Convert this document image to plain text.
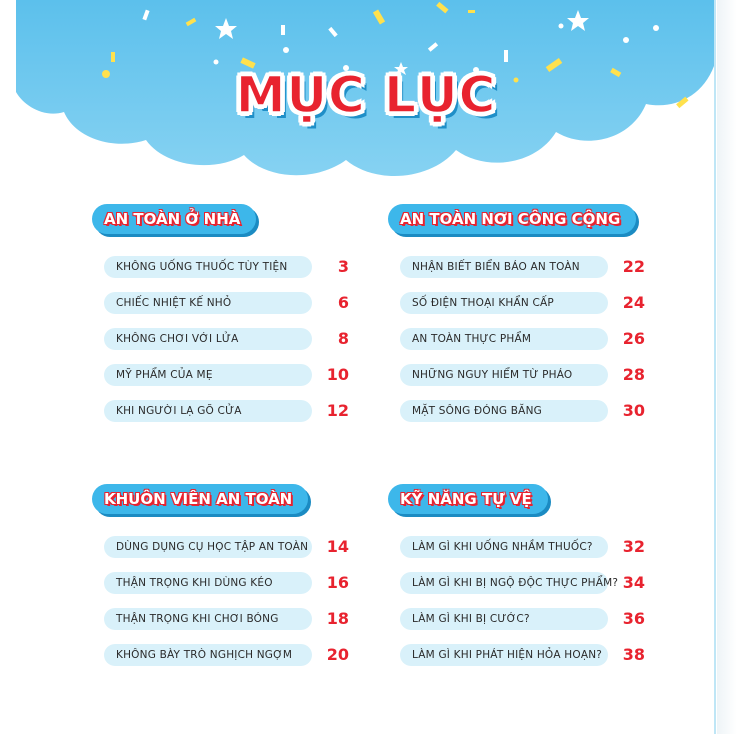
MỤC LỤC
AN TOÀN Ở NHÀ
KHÔNG UỐNG THUỐC TÙY TIỆN	3
CHIẾC NHIỆT KẾ NHỎ	6
KHÔNG CHƠI VỚI LỬA	8
MỸ PHẨM CỦA MẸ	10
KHI NGƯỜI LẠ GÕ CỬA	12
AN TOÀN NƠI CÔNG CỘNG
NHẬN BIẾT BIỂN BÁO AN TOÀN	22
SỐ ĐIỆN THOẠI KHẨN CẤP	24
AN TOÀN THỰC PHẨM	26
NHỮNG NGUY HIỂM TỪ PHÁO	28
MẶT SÔNG ĐÓNG BĂNG	30
KHUÔN VIÊN AN TOÀN
DÙNG DỤNG CỤ HỌC TẬP AN TOÀN	14
THẬN TRỌNG KHI DÙNG KÉO	16
THẬN TRỌNG KHI CHƠI BÓNG	18
KHÔNG BÀY TRÒ NGHỊCH NGỢM	20
KỸ NĂNG TỰ VỆ
LÀM GÌ KHI UỐNG NHẦM THUỐC?	32
LÀM GÌ KHI BỊ NGỘ ĐỘC THỰC PHẨM? 34
LÀM GÌ KHI BỊ CƯỚC?	36
LÀM GÌ KHI PHÁT HIỆN HỎA HOẠN?	38
